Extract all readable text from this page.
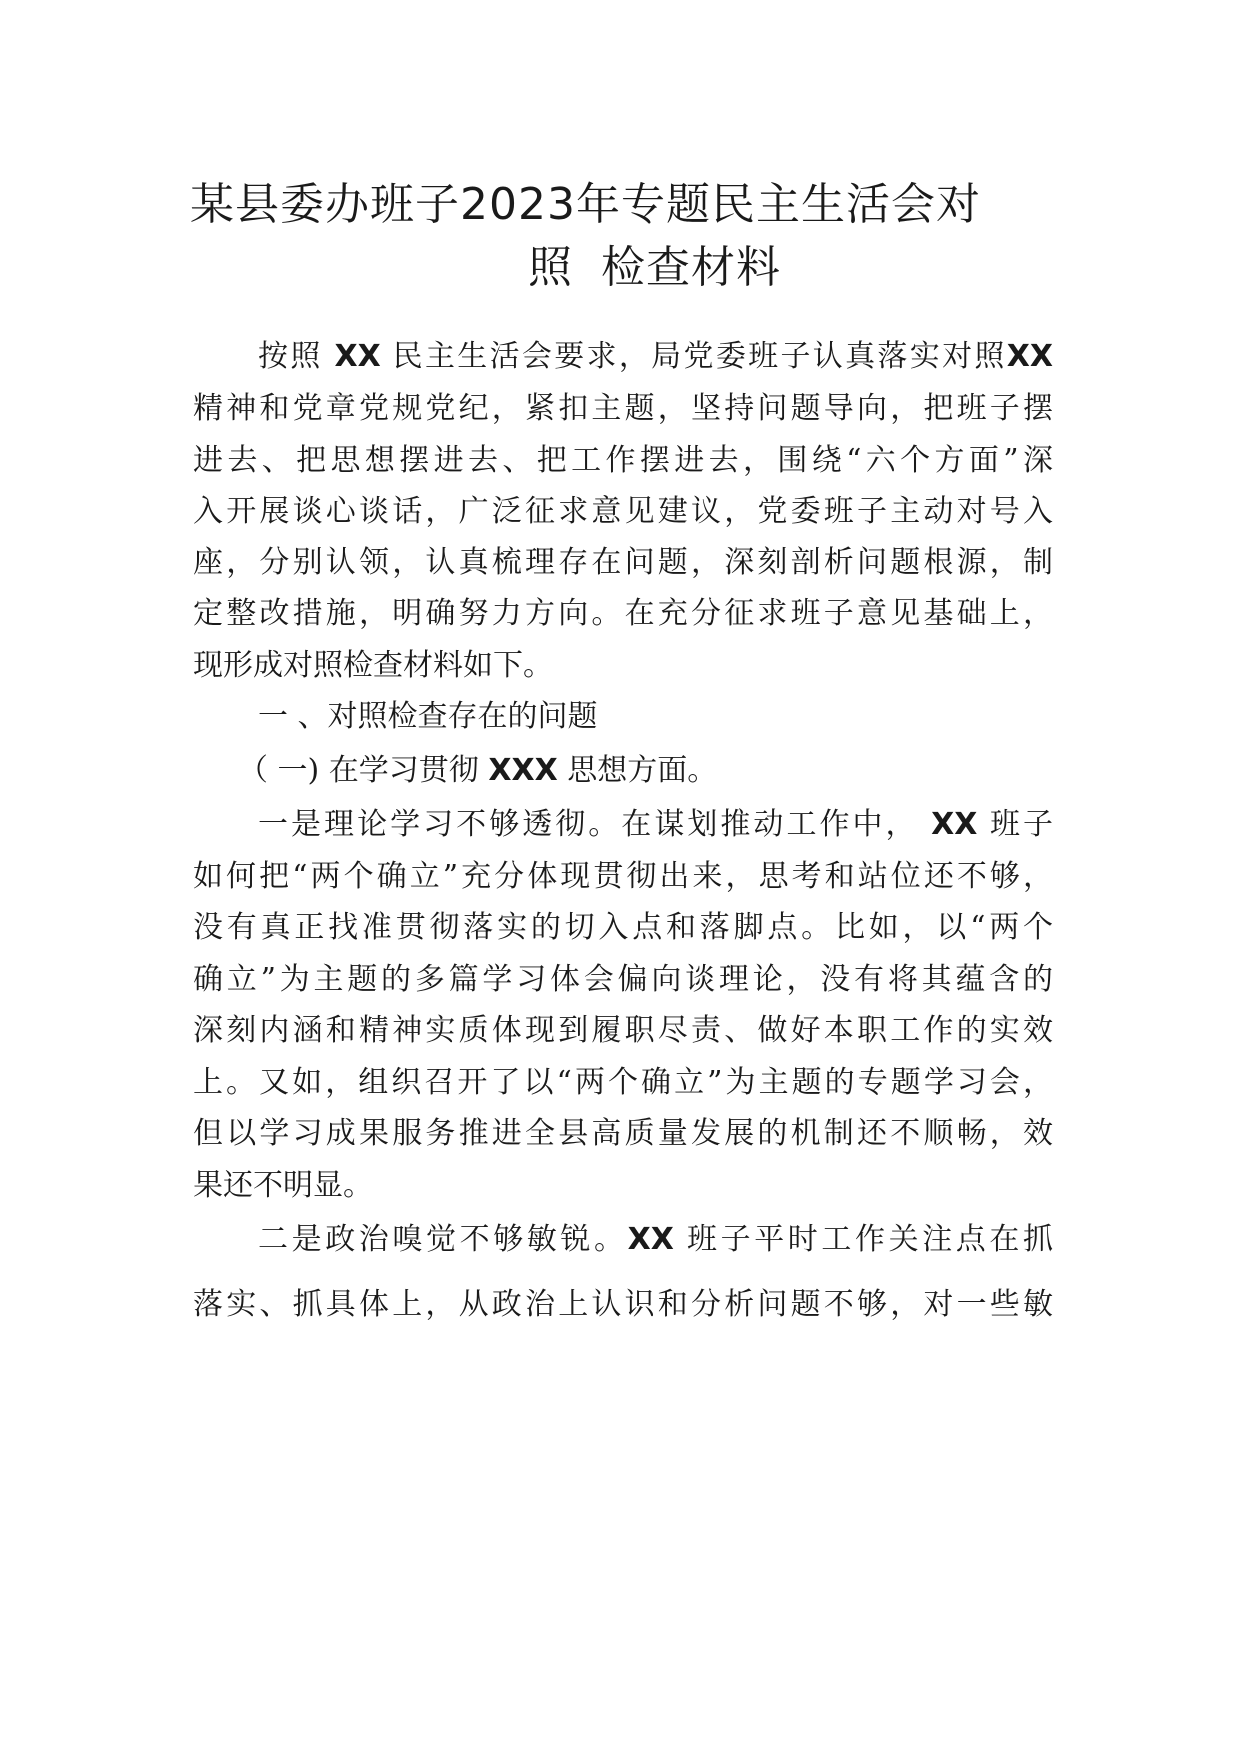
某县委办班子2023年专题民主生活会对
照 检查材料
按照 XX 民主生活会要求，局党委班子认真落实对照XX
精神和党章党规党纪，紧扣主题，坚持问题导向，把班子摆
进去、把思想摆进去、把工作摆进去，围绕“六个方面”深
入开展谈心谈话，广泛征求意见建议，党委班子主动对号入
座，分别认领，认真梳理存在问题，深刻剖析问题根源，制
定整改措施，明确努力方向。在充分征求班子意见基础上，
现形成对照检查材料如下。
一 、对照检查存在的问题
（ 一) 在学习贯彻 XXX 思想方面。
一是理论学习不够透彻。在谋划推动工作中， XX 班子
如何把“两个确立”充分体现贯彻出来，思考和站位还不够，
没有真正找准贯彻落实的切入点和落脚点。比如，以“两个
确立”为主题的多篇学习体会偏向谈理论，没有将其蕴含的
深刻内涵和精神实质体现到履职尽责、做好本职工作的实效
上。又如，组织召开了以“两个确立”为主题的专题学习会，
但以学习成果服务推进全县高质量发展的机制还不顺畅，效
果还不明显。
二是政治嗅觉不够敏锐。XX 班子平时工作关注点在抓
落实、抓具体上，从政治上认识和分析问题不够，对一些敏
